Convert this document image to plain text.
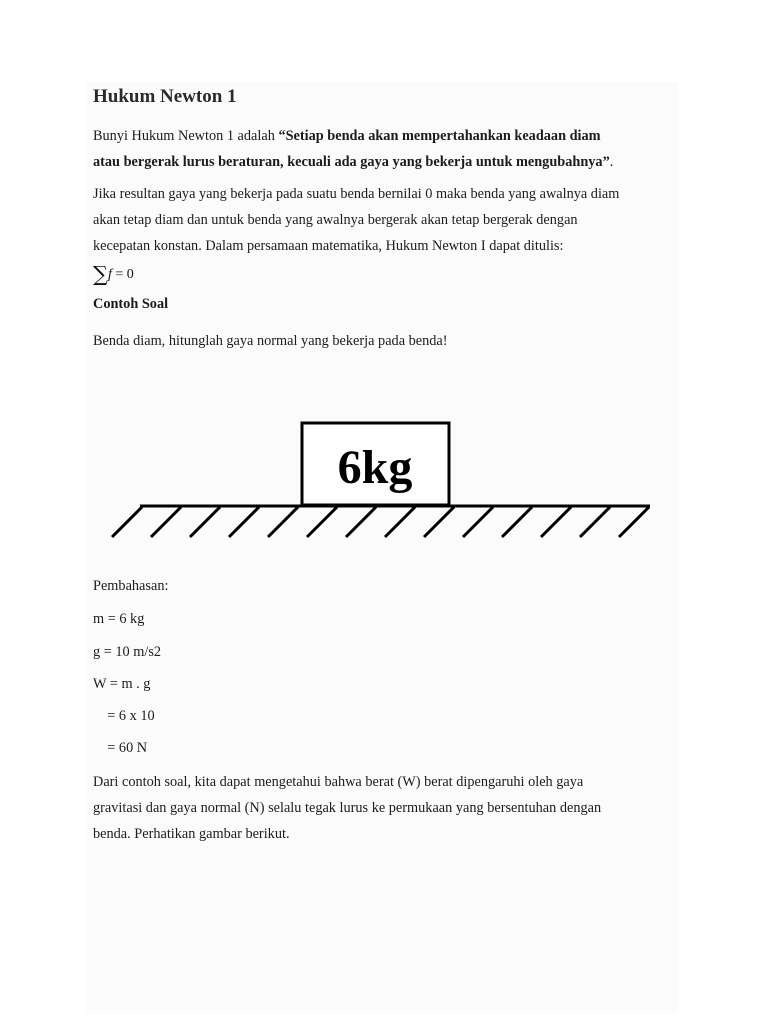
Hukum Newton 1

Bunyi Hukum Newton 1 adalah “Setiap benda akan mempertahankan keadaan diam
atau bergerak lurus beraturan, kecuali ada gaya yang bekerja untuk mengubahnya”.

Jika resultan gaya yang bekerja pada suatu benda bernilai 0 maka benda yang awalnya diam
akan tetap diam dan untuk benda yang awalnya bergerak akan tetap bergerak dengan
kecepatan konstan. Dalam persamaan matematika, Hukum Newton I dapat ditulis:

∑f = 0

Contoh Soal

Benda diam, hitunglah gaya normal yang bekerja pada benda!

Pembahasan:

m = 6 kg

g = 10 m/s2

W = m . g

= 6 x 10

= 60 N

Dari contoh soal, kita dapat mengetahui bahwa berat (W) berat dipengaruhi oleh gaya
gravitasi dan gaya normal (N) selalu tegak lurus ke permukaan yang bersentuhan dengan
benda. Perhatikan gambar berikut.

6kg
